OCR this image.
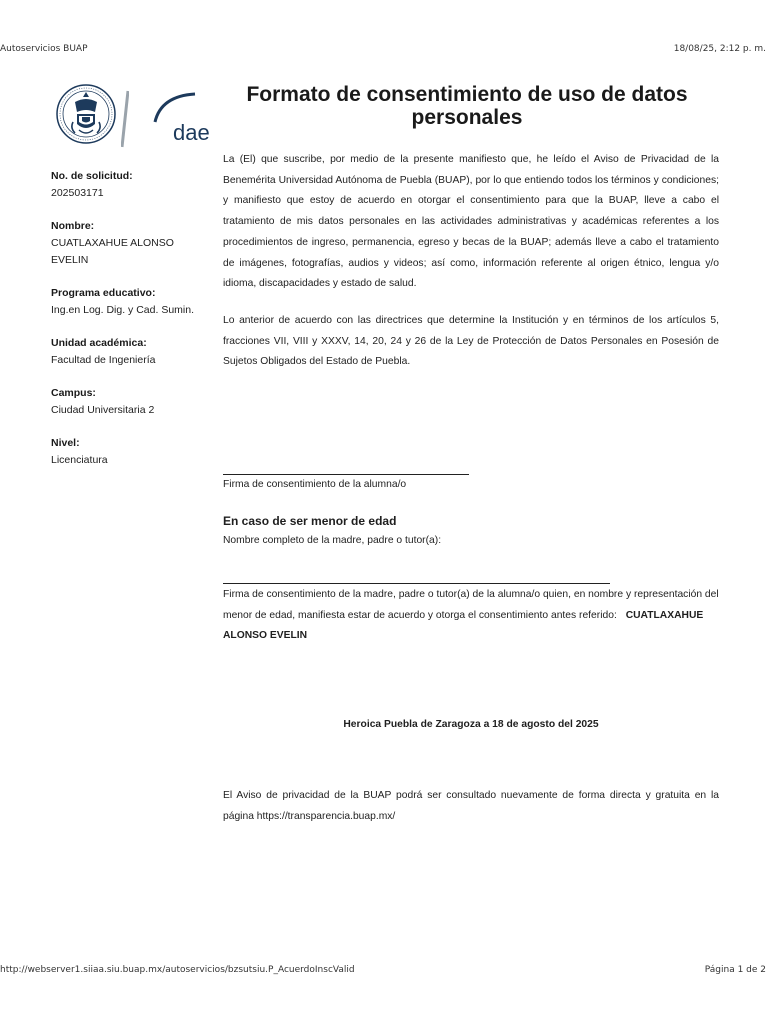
Autoservicios BUAP	18/08/25, 2:12 p. m.
dae
Formato de consentimiento de uso de datos personales
No. de solicitud:
202503171
Nombre:
CUATLAXAHUE ALONSO EVELIN
Programa educativo:
Ing.en Log. Dig. y Cad. Sumin.
Unidad académica:
Facultad de Ingeniería
Campus:
Ciudad Universitaria 2
Nivel:
Licenciatura

La (El) que suscribe, por medio de la presente manifiesto que, he leído el Aviso de Privacidad de la Benemérita Universidad Autónoma de Puebla (BUAP), por lo que entiendo todos los términos y condiciones; y manifiesto que estoy de acuerdo en otorgar el consentimiento para que la BUAP, lleve a cabo el tratamiento de mis datos personales en las actividades administrativas y académicas referentes a los procedimientos de ingreso, permanencia, egreso y becas de la BUAP; además lleve a cabo el tratamiento de imágenes, fotografías, audios y videos; así como, información referente al origen étnico, lengua y/o idioma, discapacidades y estado de salud.

Lo anterior de acuerdo con las directrices que determine la Institución y en términos de los artículos 5, fracciones VII, VIII y XXXV, 14, 20, 24 y 26 de la Ley de Protección de Datos Personales en Posesión de Sujetos Obligados del Estado de Puebla.

Firma de consentimiento de la alumna/o
En caso de ser menor de edad
Nombre completo de la madre, padre o tutor(a):
Firma de consentimiento de la madre, padre o tutor(a) de la alumna/o quien, en nombre y representación del menor de edad, manifiesta estar de acuerdo y otorga el consentimiento antes referido: CUATLAXAHUE ALONSO EVELIN
Heroica Puebla de Zaragoza a 18 de agosto del 2025
El Aviso de privacidad de la BUAP podrá ser consultado nuevamente de forma directa y gratuita en la página https://transparencia.buap.mx/
http://webserver1.siiaa.siu.buap.mx/autoservicios/bzsutsiu.P_AcuerdoInscValid	Página 1 de 2
